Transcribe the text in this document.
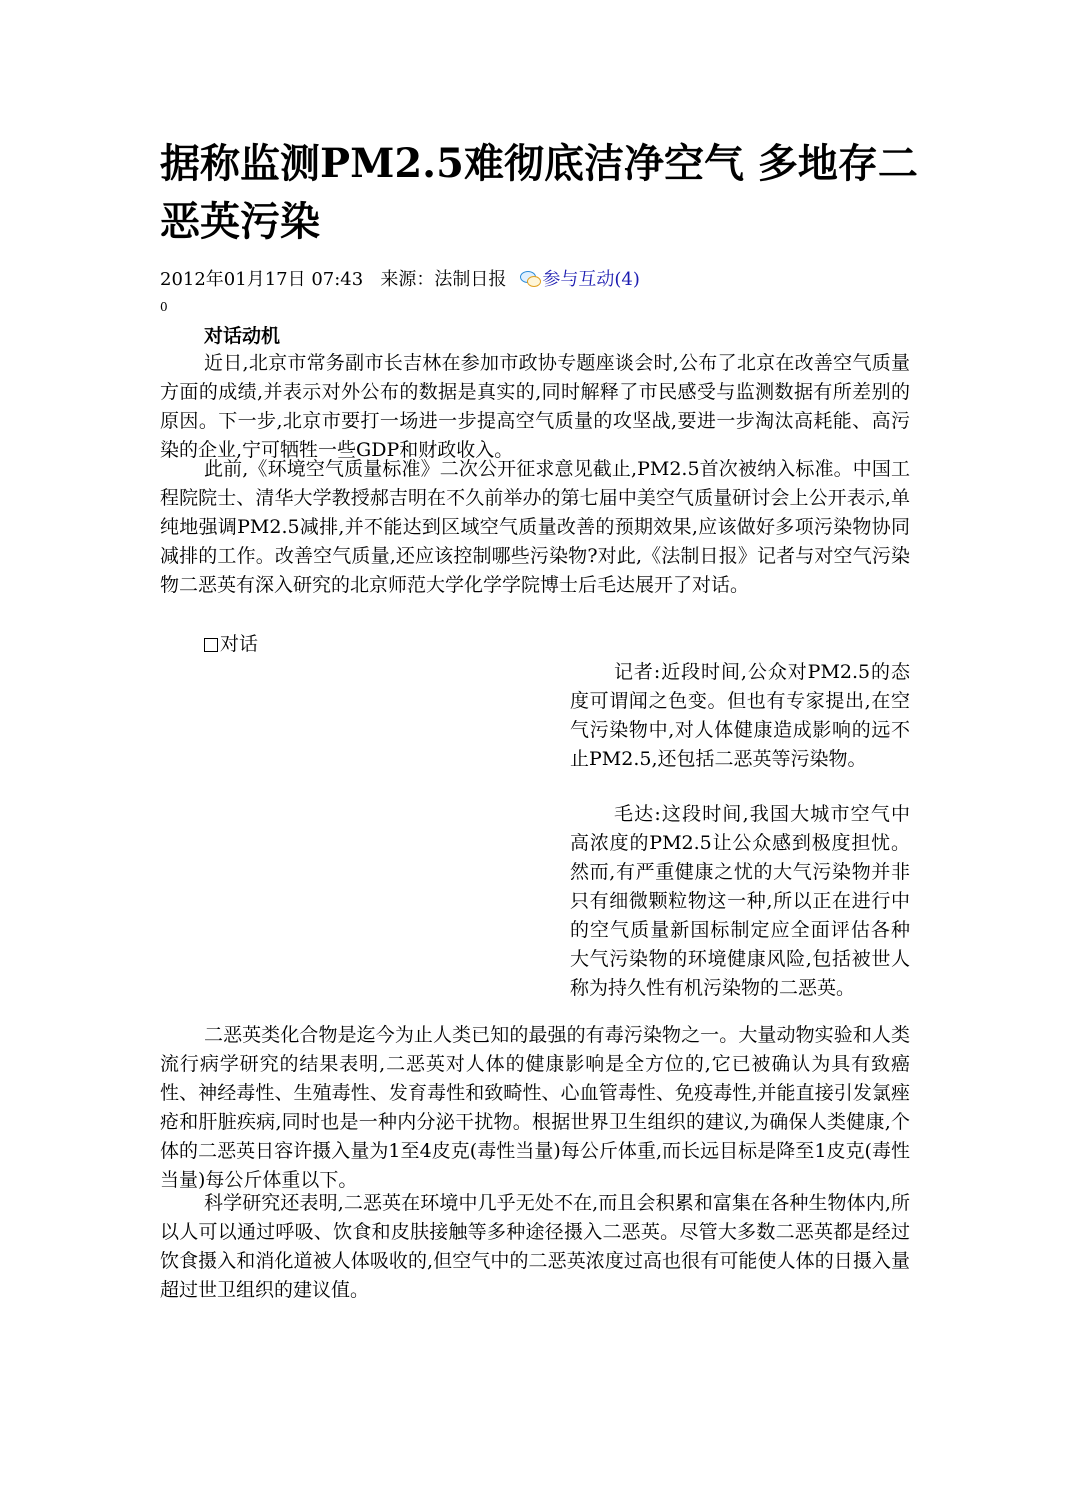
据称监测PM2.5难彻底洁净空气 多地存二恶英污染
2012年01月17日 07:43 来源：法制日报 参与互动(4)
0
对话动机

近日,北京市常务副市长吉林在参加市政协专题座谈会时,公布了北京在改善空气质量方面的成绩,并表示对外公布的数据是真实的,同时解释了市民感受与监测数据有所差别的原因。下一步,北京市要打一场进一步提高空气质量的攻坚战,要进一步淘汰高耗能、高污染的企业,宁可牺牲一些GDP和财政收入。

此前,《环境空气质量标准》二次公开征求意见截止,PM2.5首次被纳入标准。中国工程院院士、清华大学教授郝吉明在不久前举办的第七届中美空气质量研讨会上公开表示,单纯地强调PM2.5减排,并不能达到区域空气质量改善的预期效果,应该做好多项污染物协同减排的工作。改善空气质量,还应该控制哪些污染物?对此,《法制日报》记者与对空气污染物二恶英有深入研究的北京师范大学化学学院博士后毛达展开了对话。

对话

记者:近段时间,公众对PM2.5的态度可谓闻之色变。但也有专家提出,在空气污染物中,对人体健康造成影响的远不止PM2.5,还包括二恶英等污染物。

毛达:这段时间,我国大城市空气中高浓度的PM2.5让公众感到极度担忧。然而,有严重健康之忧的大气污染物并非只有细微颗粒物这一种,所以正在进行中的空气质量新国标制定应全面评估各种大气污染物的环境健康风险,包括被世人称为持久性有机污染物的二恶英。

二恶英类化合物是迄今为止人类已知的最强的有毒污染物之一。大量动物实验和人类流行病学研究的结果表明,二恶英对人体的健康影响是全方位的,它已被确认为具有致癌性、神经毒性、生殖毒性、发育毒性和致畸性、心血管毒性、免疫毒性,并能直接引发氯痤疮和肝脏疾病,同时也是一种内分泌干扰物。根据世界卫生组织的建议,为确保人类健康,个体的二恶英日容许摄入量为1至4皮克(毒性当量)每公斤体重,而长远目标是降至1皮克(毒性当量)每公斤体重以下。

科学研究还表明,二恶英在环境中几乎无处不在,而且会积累和富集在各种生物体内,所以人可以通过呼吸、饮食和皮肤接触等多种途径摄入二恶英。尽管大多数二恶英都是经过饮食摄入和消化道被人体吸收的,但空气中的二恶英浓度过高也很有可能使人体的日摄入量超过世卫组织的建议值。
